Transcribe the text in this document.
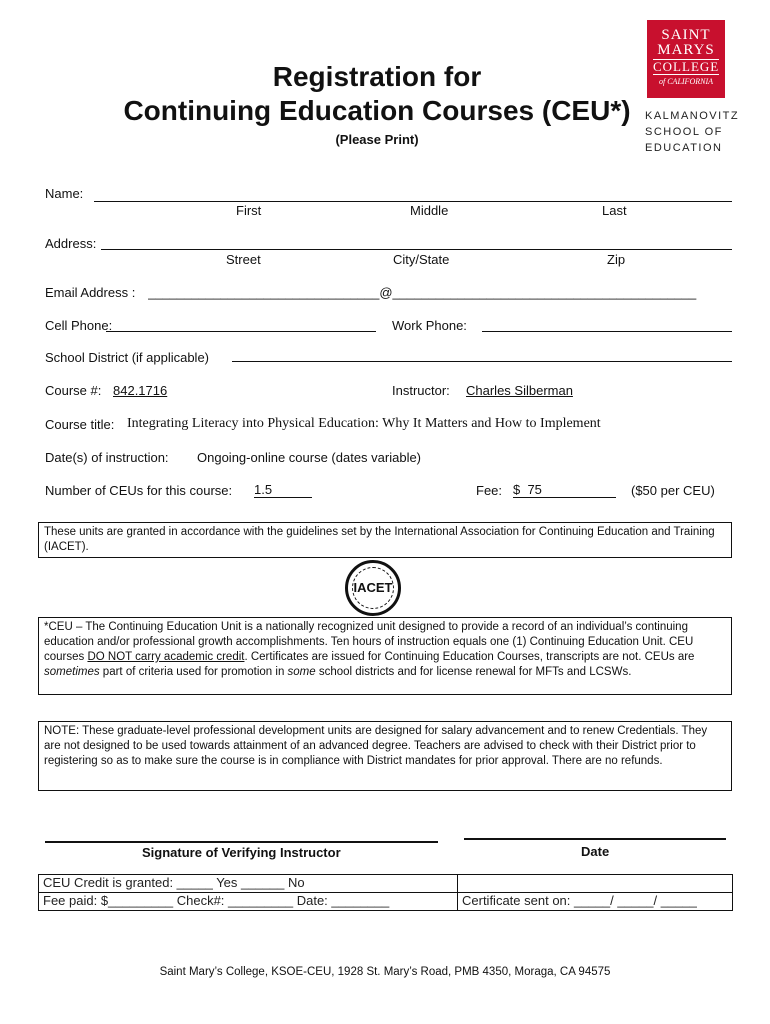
Registration for
Continuing Education Courses (CEU*)
(Please Print)
SAINT
MARYS
COLLEGE
of CALIFORNIA
KALMANOVITZ
SCHOOL OF
EDUCATION
Name:
First	Middle	Last
Address:
Street	City/State	Zip
Email Address : ________________________________@__________________________________________
Cell Phone:	Work Phone:
School District (if applicable)
Course #: 842.1716	Instructor: Charles Silberman
Course title: Integrating Literacy into Physical Education: Why It Matters and How to Implement
Date(s) of instruction: Ongoing-online course (dates variable)
Number of CEUs for this course: 1.5	Fee: $  75	($50 per CEU)
These units are granted in accordance with the guidelines set by the International Association for Continuing Education and Training (IACET).
IACET
*CEU – The Continuing Education Unit is a nationally recognized unit designed to provide a record of an individual’s continuing education and/or professional growth accomplishments. Ten hours of instruction equals one (1) Continuing Education Unit. CEU courses DO NOT carry academic credit. Certificates are issued for Continuing Education Courses, transcripts are not. CEUs are sometimes part of criteria used for promotion in some school districts and for license renewal for MFTs and LCSWs.
NOTE: These graduate-level professional development units are designed for salary advancement and to renew Credentials. They are not designed to be used towards attainment of an advanced degree. Teachers are advised to check with their District prior to registering so as to make sure the course is in compliance with District mandates for prior approval. There are no refunds.
Signature of Verifying Instructor	Date
CEU Credit is granted: _____ Yes ______ No	
Fee paid: $_________ Check#: _________ Date: ________	Certificate sent on: _____/ _____/ _____
Saint Mary’s College, KSOE-CEU, 1928 St. Mary’s Road, PMB 4350, Moraga, CA 94575
